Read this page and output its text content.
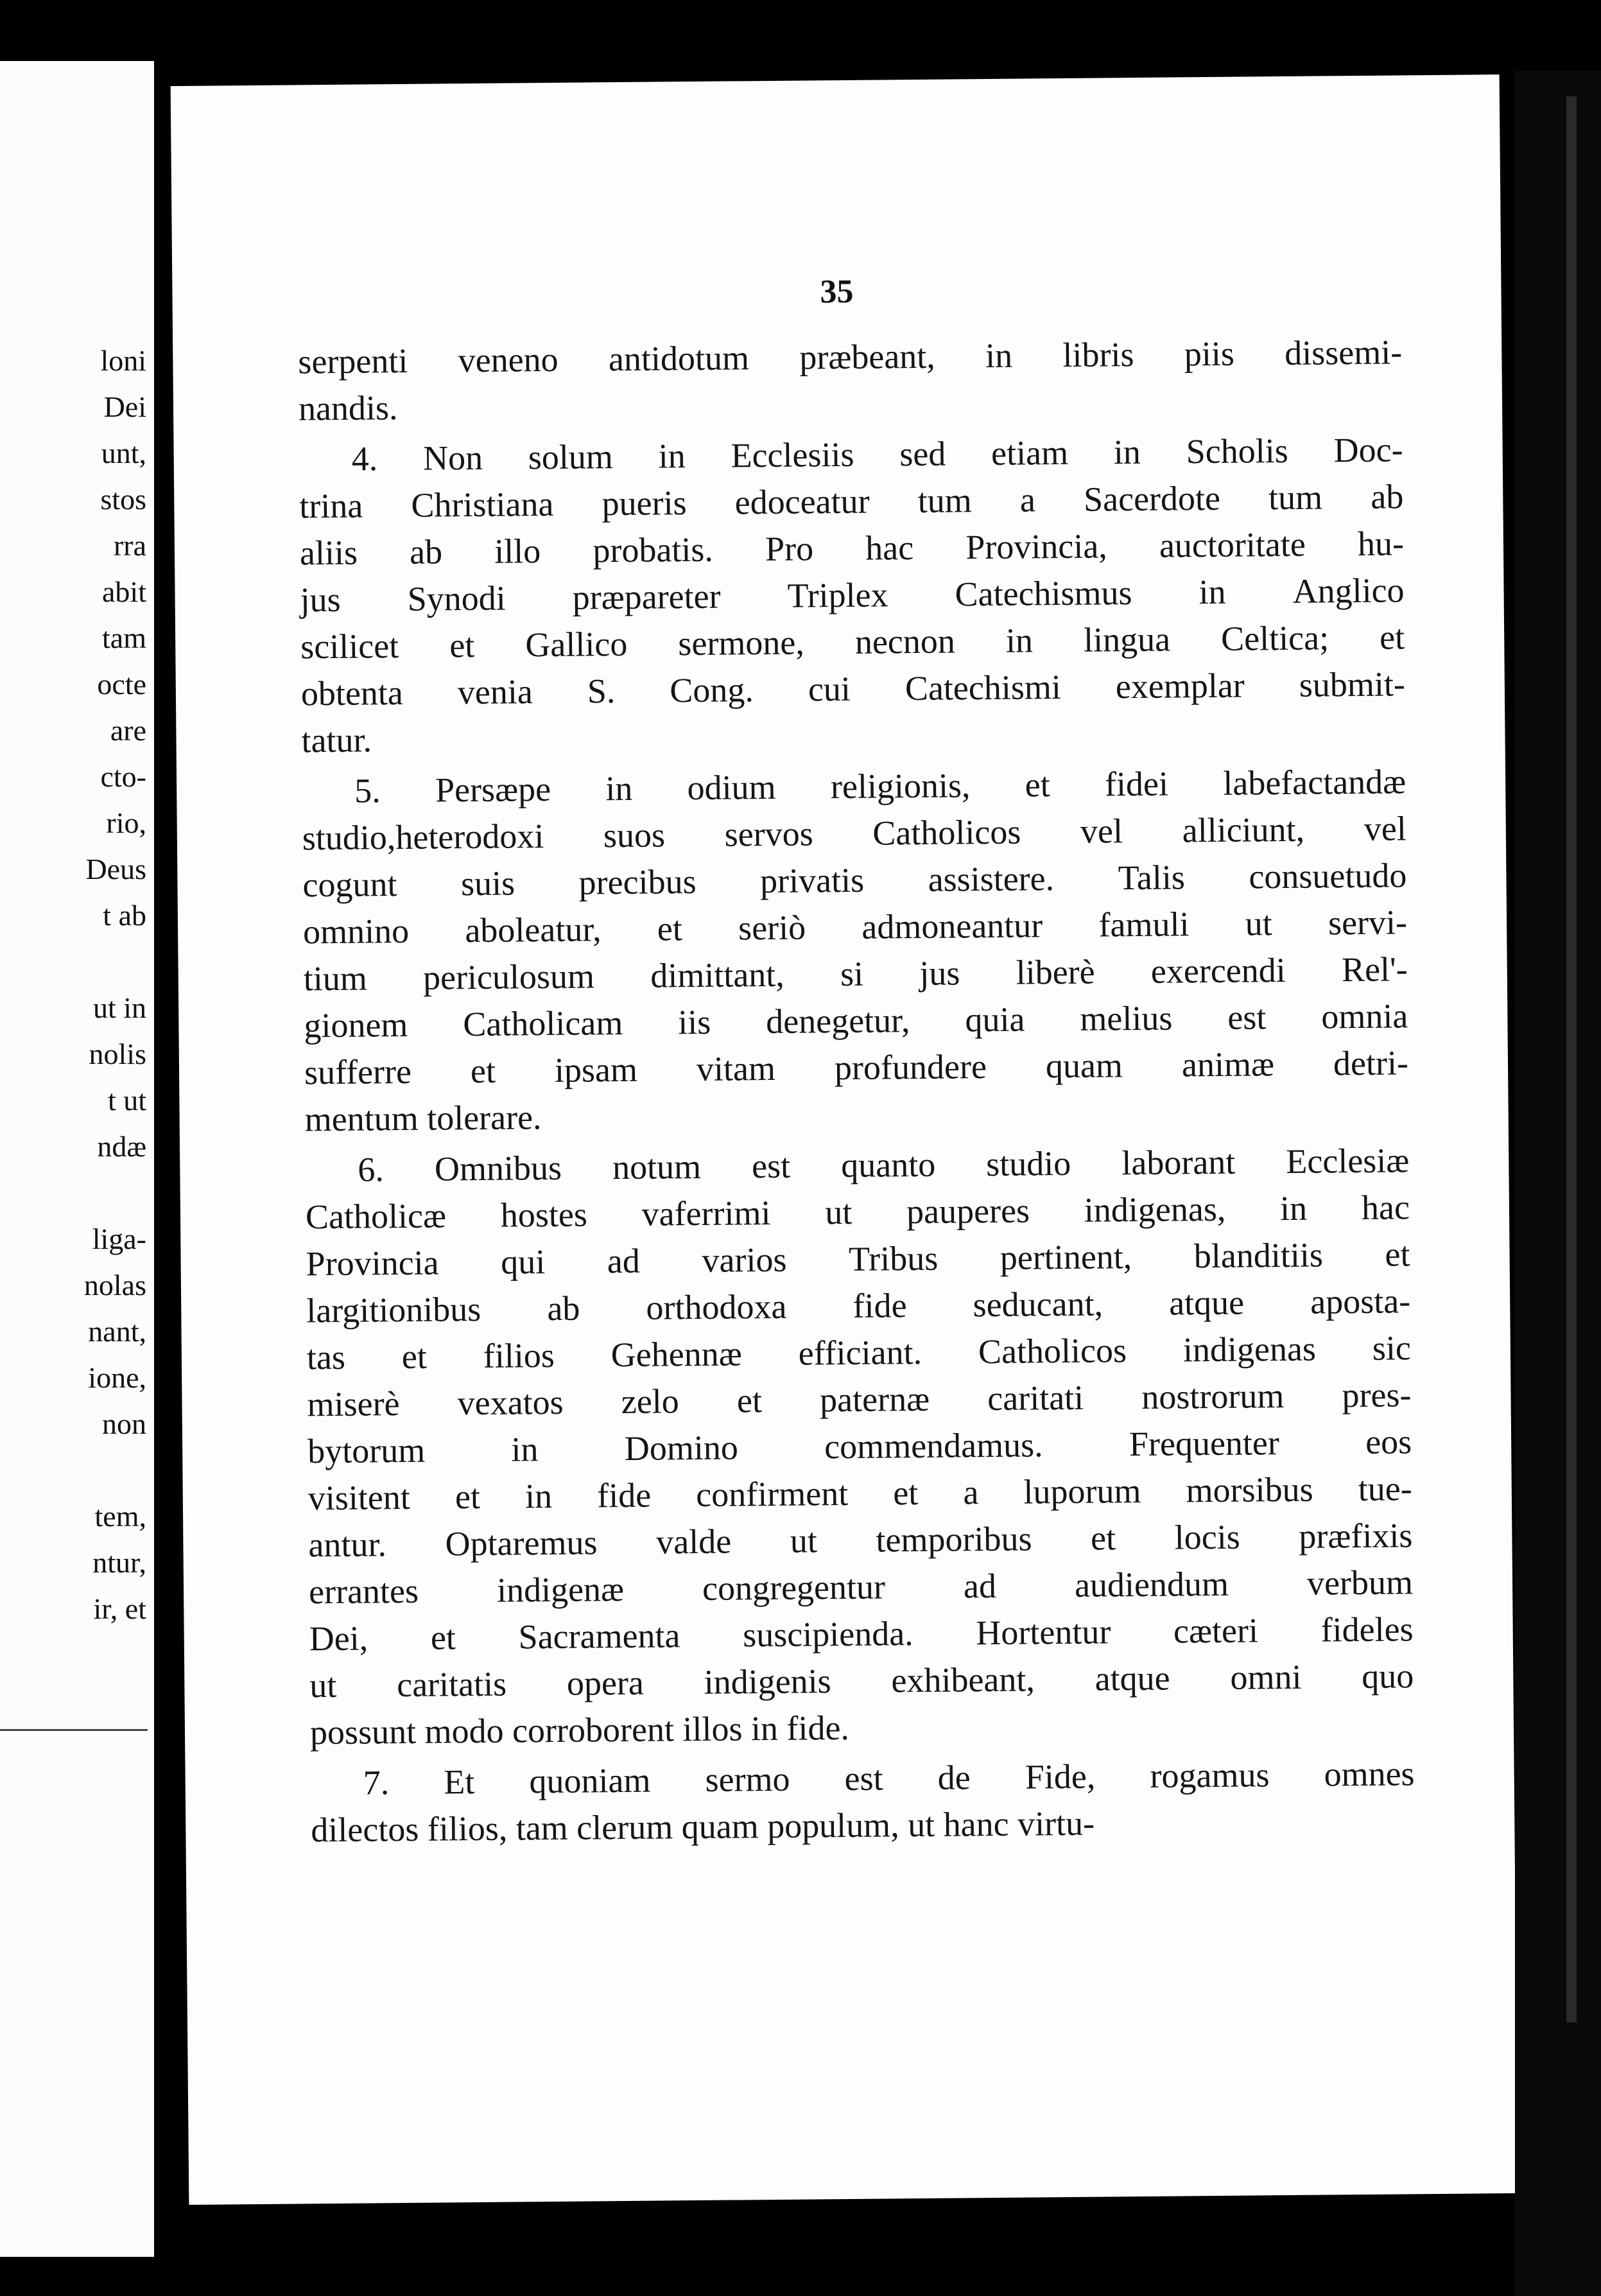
loni
Dei
unt,
stos
rra
abit
tam
octe
are
cto-
rio,
Deus
t ab
ut in
nolis
t ut
ndæ
liga-
nolas
nant,
ione,
non
tem,
ntur,
ir, et
35
serpenti veneno antidotum præbeant, in libris piis dissemi-
nandis.
4. Non solum in Ecclesiis sed etiam in Scholis Doc-
trina Christiana pueris edoceatur tum a Sacerdote tum ab
aliis ab illo probatis. Pro hac Provincia, auctoritate hu-
jus Synodi præpareter Triplex Catechismus in Anglico
scilicet et Gallico sermone, necnon in lingua Celtica; et
obtenta venia S. Cong. cui Catechismi exemplar submit-
tatur.
5. Persæpe in odium religionis, et fidei labefactandæ
studio,heterodoxi suos servos Catholicos vel alliciunt, vel
cogunt suis precibus privatis assistere. Talis consuetudo
omnino aboleatur, et seriò admoneantur famuli ut servi-
tium periculosum dimittant, si jus liberè exercendi Rel'-
gionem Catholicam iis denegetur, quia melius est omnia
sufferre et ipsam vitam profundere quam animæ detri-
mentum tolerare.
6. Omnibus notum est quanto studio laborant Ecclesiæ
Catholicæ hostes vaferrimi ut pauperes indigenas, in hac
Provincia qui ad varios Tribus pertinent, blanditiis et
largitionibus ab orthodoxa fide seducant, atque aposta-
tas et filios Gehennæ efficiant. Catholicos indigenas sic
miserè vexatos zelo et paternæ caritati nostrorum pres-
bytorum in Domino commendamus. Frequenter eos
visitent et in fide confirment et a luporum morsibus tue-
antur. Optaremus valde ut temporibus et locis præfixis
errantes indigenæ congregentur ad audiendum verbum
Dei, et Sacramenta suscipienda. Hortentur cæteri fideles
ut caritatis opera indigenis exhibeant, atque omni quo
possunt modo corroborent illos in fide.
7. Et quoniam sermo est de Fide, rogamus omnes
dilectos filios, tam clerum quam populum, ut hanc virtu-
